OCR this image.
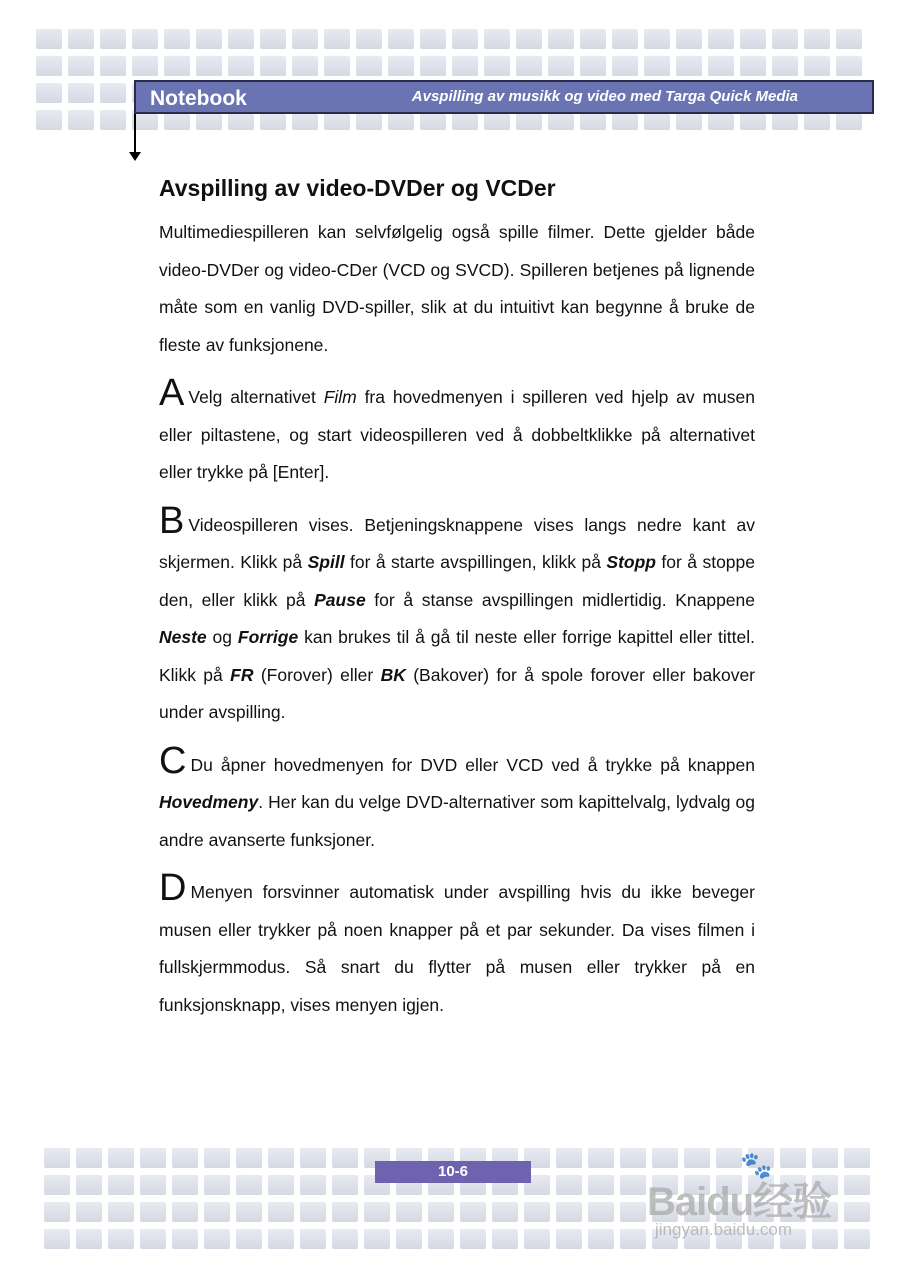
Notebook	Avspilling av musikk og video med Targa Quick Media
Avspilling av video-DVDer og VCDer

Multimediespilleren kan selvfølgelig også spille filmer. Dette gjelder både video-DVDer og video-CDer (VCD og SVCD). Spilleren betjenes på lignende måte som en vanlig DVD-spiller, slik at du intuitivt kan begynne å bruke de fleste av funksjonene.

A Velg alternativet Film fra hovedmenyen i spilleren ved hjelp av musen eller piltastene, og start videospilleren ved å dobbeltklikke på alternativet eller trykke på [Enter].

B Videospilleren vises. Betjeningsknappene vises langs nedre kant av skjermen. Klikk på Spill for å starte avspillingen, klikk på Stopp for å stoppe den, eller klikk på Pause for å stanse avspillingen midlertidig. Knappene Neste og Forrige kan brukes til å gå til neste eller forrige kapittel eller tittel. Klikk på FR (Forover) eller BK (Bakover) for å spole forover eller bakover under avspilling.

C Du åpner hovedmenyen for DVD eller VCD ved å trykke på knappen Hovedmeny. Her kan du velge DVD-alternativer som kapittelvalg, lydvalg og andre avanserte funksjoner.

D Menyen forsvinner automatisk under avspilling hvis du ikke beveger musen eller trykker på noen knapper på et par sekunder. Da vises filmen i fullskjermmodus. Så snart du flytter på musen eller trykker på en funksjonsknapp, vises menyen igjen.

10-6	🐾
Baidu经验
jingyan.baidu.com
